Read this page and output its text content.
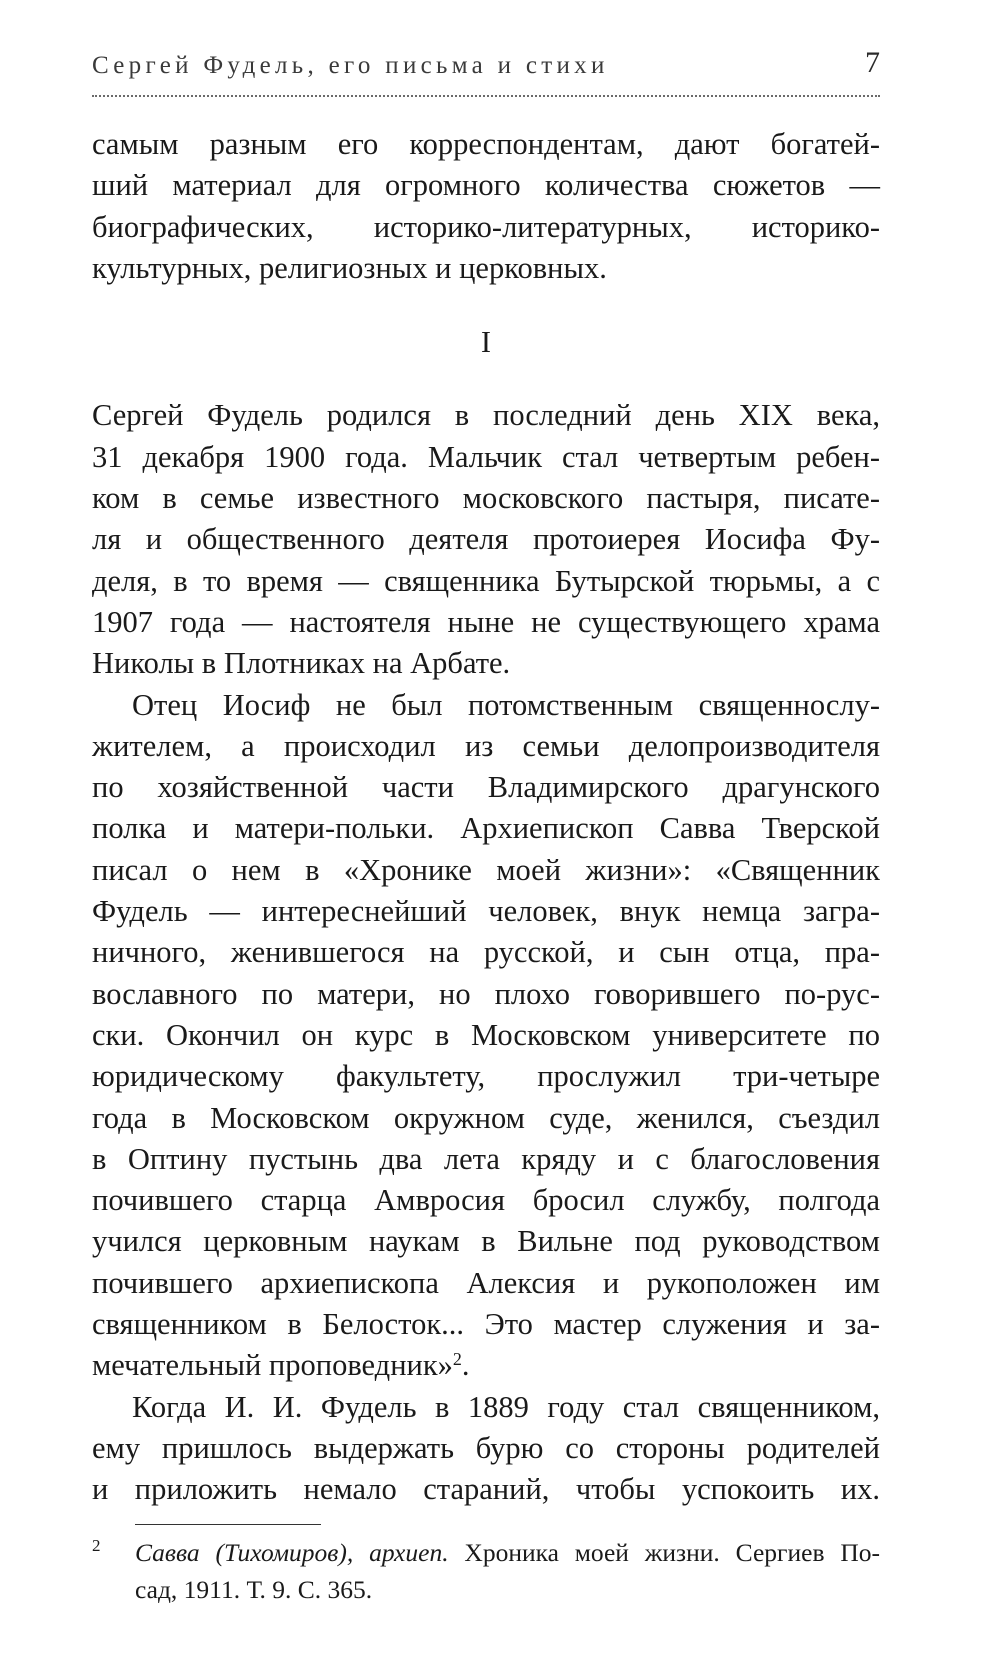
Сергей Фудель, его письма и стихи	7
самым разным его корреспондентам, дают богатей-
ший материал для огромного количества сюжетов —
биографических, историко-литературных, историко-
культурных, религиозных и церковных.
I
Сергей Фудель родился в последний день XIX века,
31 декабря 1900 года. Мальчик стал четвертым ребен-
ком в семье известного московского пастыря, писате-
ля и общественного деятеля протоиерея Иосифа Фу-
деля, в то время — священника Бутырской тюрьмы, а с
1907 года — настоятеля ныне не существующего храма
Николы в Плотниках на Арбате.
Отец Иосиф не был потомственным священнослу-
жителем, а происходил из семьи делопроизводителя
по хозяйственной части Владимирского драгунского
полка и матери-польки. Архиепископ Савва Тверской
писал о нем в «Хронике моей жизни»: «Священник
Фудель — интереснейший человек, внук немца загра-
ничного, женившегося на русской, и сын отца, пра-
вославного по матери, но плохо говорившего по-рус-
ски. Окончил он курс в Московском университете по
юридическому факультету, прослужил три-четыре
года в Московском окружном суде, женился, съездил
в Оптину пустынь два лета кряду и с благословения
почившего старца Амвросия бросил службу, полгода
учился церковным наукам в Вильне под руководством
почившего архиепископа Алексия и рукоположен им
священником в Белосток... Это мастер служения и за-
мечательный проповедник»$^2$.
Когда И. И. Фудель в 1889 году стал священником,
ему пришлось выдержать бурю со стороны родителей
и приложить немало стараний, чтобы успокоить их.
2 Савва (Тихомиров), архиеп. Хроника моей жизни. Сергиев По-
сад, 1911. Т. 9. С. 365.
